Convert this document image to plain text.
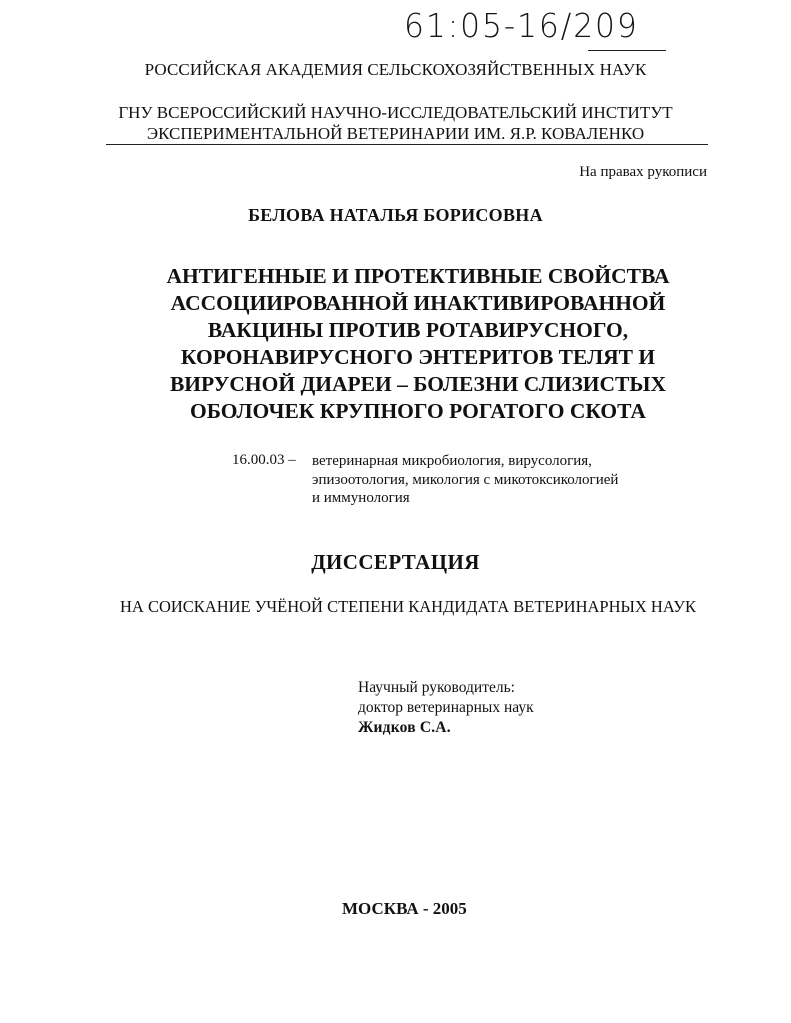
61:05-16/209
РОССИЙСКАЯ АКАДЕМИЯ СЕЛЬСКОХОЗЯЙСТВЕННЫХ НАУК
ГНУ ВСЕРОССИЙСКИЙ НАУЧНО-ИССЛЕДОВАТЕЛЬСКИЙ ИНСТИТУТ
ЭКСПЕРИМЕНТАЛЬНОЙ ВЕТЕРИНАРИИ ИМ. Я.Р. КОВАЛЕНКО
На правах рукописи
БЕЛОВА НАТАЛЬЯ БОРИСОВНА
АНТИГЕННЫЕ И ПРОТЕКТИВНЫЕ СВОЙСТВА
АССОЦИИРОВАННОЙ ИНАКТИВИРОВАННОЙ
ВАКЦИНЫ ПРОТИВ РОТАВИРУСНОГО,
КОРОНАВИРУСНОГО ЭНТЕРИТОВ ТЕЛЯТ И
ВИРУСНОЙ ДИАРЕИ – БОЛЕЗНИ СЛИЗИСТЫХ
ОБОЛОЧЕК КРУПНОГО РОГАТОГО СКОТА
16.00.03 – ветеринарная микробиология, вирусология,
эпизоотология, микология с микотоксикологией
и иммунология
ДИССЕРТАЦИЯ
НА СОИСКАНИЕ УЧЁНОЙ СТЕПЕНИ КАНДИДАТА ВЕТЕРИНАРНЫХ НАУК
Научный руководитель:
доктор ветеринарных наук
Жидков С.А.
МОСКВА - 2005
